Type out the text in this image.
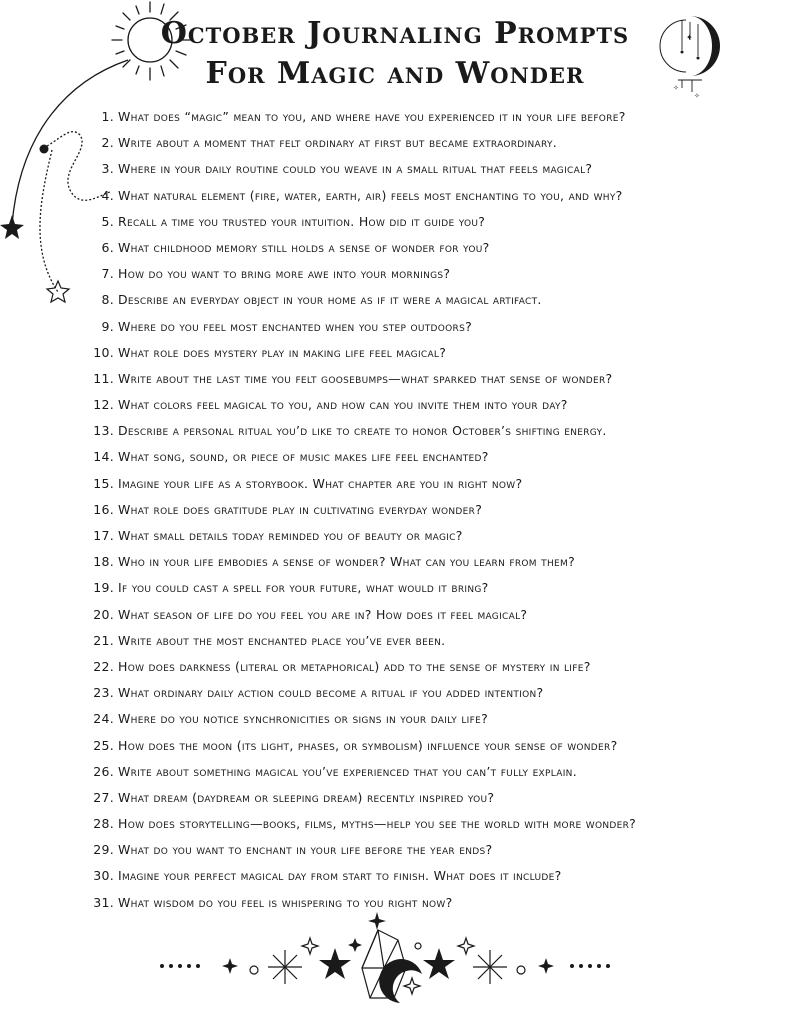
✦
✧
✧
October Journaling Prompts
For Magic and Wonder
1. What does “magic” mean to you, and where have you experienced it in your life before?
2. Write about a moment that felt ordinary at first but became extraordinary.
3. Where in your daily routine could you weave in a small ritual that feels magical?
4. What natural element (fire, water, earth, air) feels most enchanting to you, and why?
5. Recall a time you trusted your intuition. How did it guide you?
6. What childhood memory still holds a sense of wonder for you?
7. How do you want to bring more awe into your mornings?
8. Describe an everyday object in your home as if it were a magical artifact.
9. Where do you feel most enchanted when you step outdoors?
10. What role does mystery play in making life feel magical?
11. Write about the last time you felt goosebumps—what sparked that sense of wonder?
12. What colors feel magical to you, and how can you invite them into your day?
13. Describe a personal ritual you’d like to create to honor October’s shifting energy.
14. What song, sound, or piece of music makes life feel enchanted?
15. Imagine your life as a storybook. What chapter are you in right now?
16. What role does gratitude play in cultivating everyday wonder?
17. What small details today reminded you of beauty or magic?
18. Who in your life embodies a sense of wonder? What can you learn from them?
19. If you could cast a spell for your future, what would it bring?
20. What season of life do you feel you are in? How does it feel magical?
21. Write about the most enchanted place you’ve ever been.
22. How does darkness (literal or metaphorical) add to the sense of mystery in life?
23. What ordinary daily action could become a ritual if you added intention?
24. Where do you notice synchronicities or signs in your daily life?
25. How does the moon (its light, phases, or symbolism) influence your sense of wonder?
26. Write about something magical you’ve experienced that you can’t fully explain.
27. What dream (daydream or sleeping dream) recently inspired you?
28. How does storytelling—books, films, myths—help you see the world with more wonder?
29. What do you want to enchant in your life before the year ends?
30. Imagine your perfect magical day from start to finish. What does it include?
31. What wisdom do you feel is whispering to you right now?
